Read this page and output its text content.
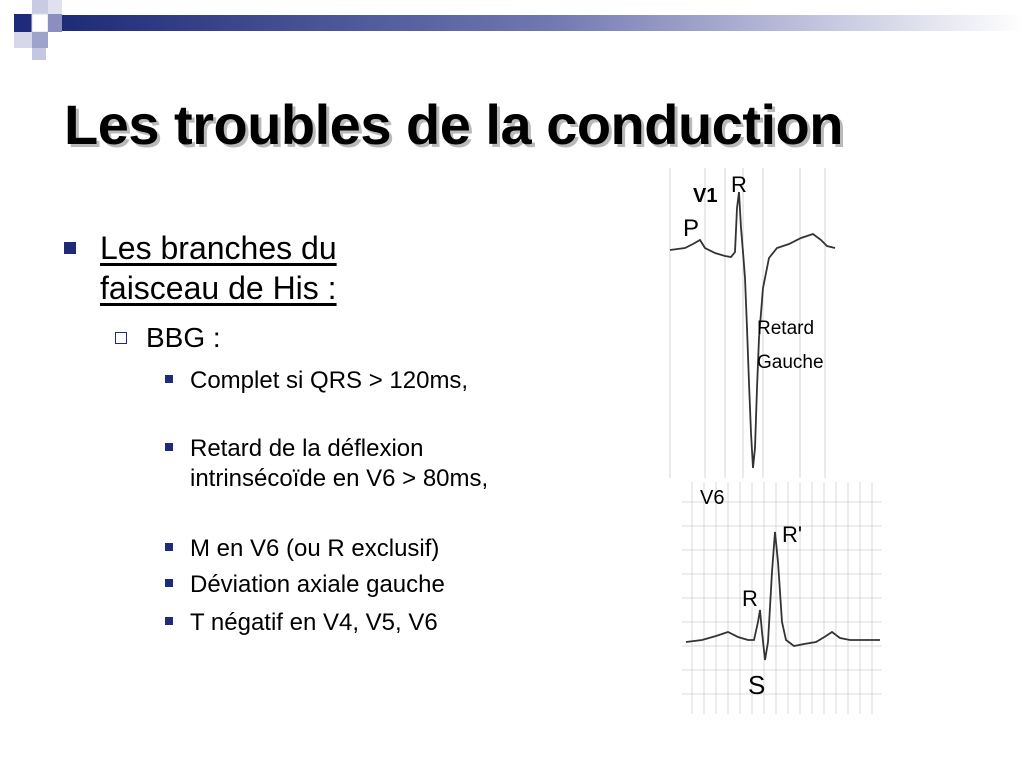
Les troubles de la conduction
Les branches du faisceau de His :
BBG :
Complet si QRS > 120ms,
Retard de la déflexion intrinsécoïde en V6 > 80ms,
M en V6 (ou R exclusif)
Déviation axiale gauche
T négatif en V4, V5, V6
V1 R
P
Retard
Gauche
V6
R'
R
S
